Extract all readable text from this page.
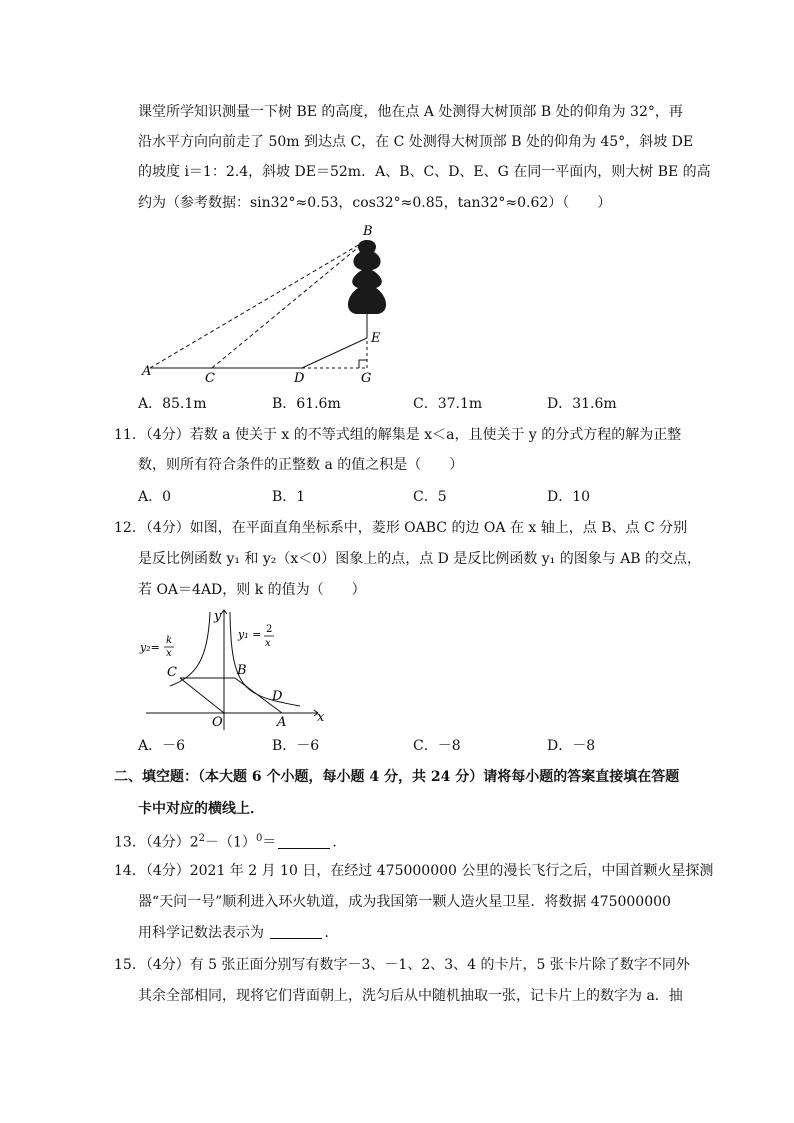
课堂所学知识测量一下树 BE 的高度，他在点 A 处测得大树顶部 B 处的仰角为 32°，再
沿水平方向向前走了 50m 到达点 C，在 C 处测得大树顶部 B 处的仰角为 45°，斜坡 DE
的坡度 i＝1：2.4，斜坡 DE＝52m．A、B、C、D、E、G 在同一平面内，则大树 BE 的高
约为（参考数据：sin32°≈0.53，cos32°≈0.85，tan32°≈0.62）（　　）
B
E
A	C	D	G
A．85.1m	B．61.6m	C．37.1m	D．31.6m
11．（4分）若数 a 使关于 x 的不等式组的解集是 x＜a，且使关于 y 的分式方程的解为正整
数，则所有符合条件的正整数 a 的值之积是（　　）
A．0	B．1	C．5	D．10
12．（4分）如图，在平面直角坐标系中，菱形 OABC 的边 OA 在 x 轴上，点 B、点 C 分别
是反比例函数 y₁ 和 y₂（x＜0）图象上的点，点 D 是反比例函数 y₁ 的图象与 AB 的交点，
若 OA＝4AD，则 k 的值为（　　）
y
x
O	A
B
C
D
y₂=
k
x
y₁ = 2
x
A．－6	B．－6	C．－8	D．－8
二、填空题：（本大题 6 个小题，每小题 4 分，共 24 分）请将每小题的答案直接填在答题
卡中对应的横线上．
13．（4分）$2^2-(1)^0=$	．
14．（4分）2021 年 2 月 10 日，在经过 475000000 公里的漫长飞行之后，中国首颗火星探测
器“天问一号”顺利进入环火轨道，成为我国第一颗人造火星卫星．将数据 475000000
用科学记数法表示为	．
15．（4分）有 5 张正面分别写有数字－3、－1、2、3、4 的卡片，5 张卡片除了数字不同外
其余全部相同，现将它们背面朝上，洗匀后从中随机抽取一张，记卡片上的数字为 a．抽
